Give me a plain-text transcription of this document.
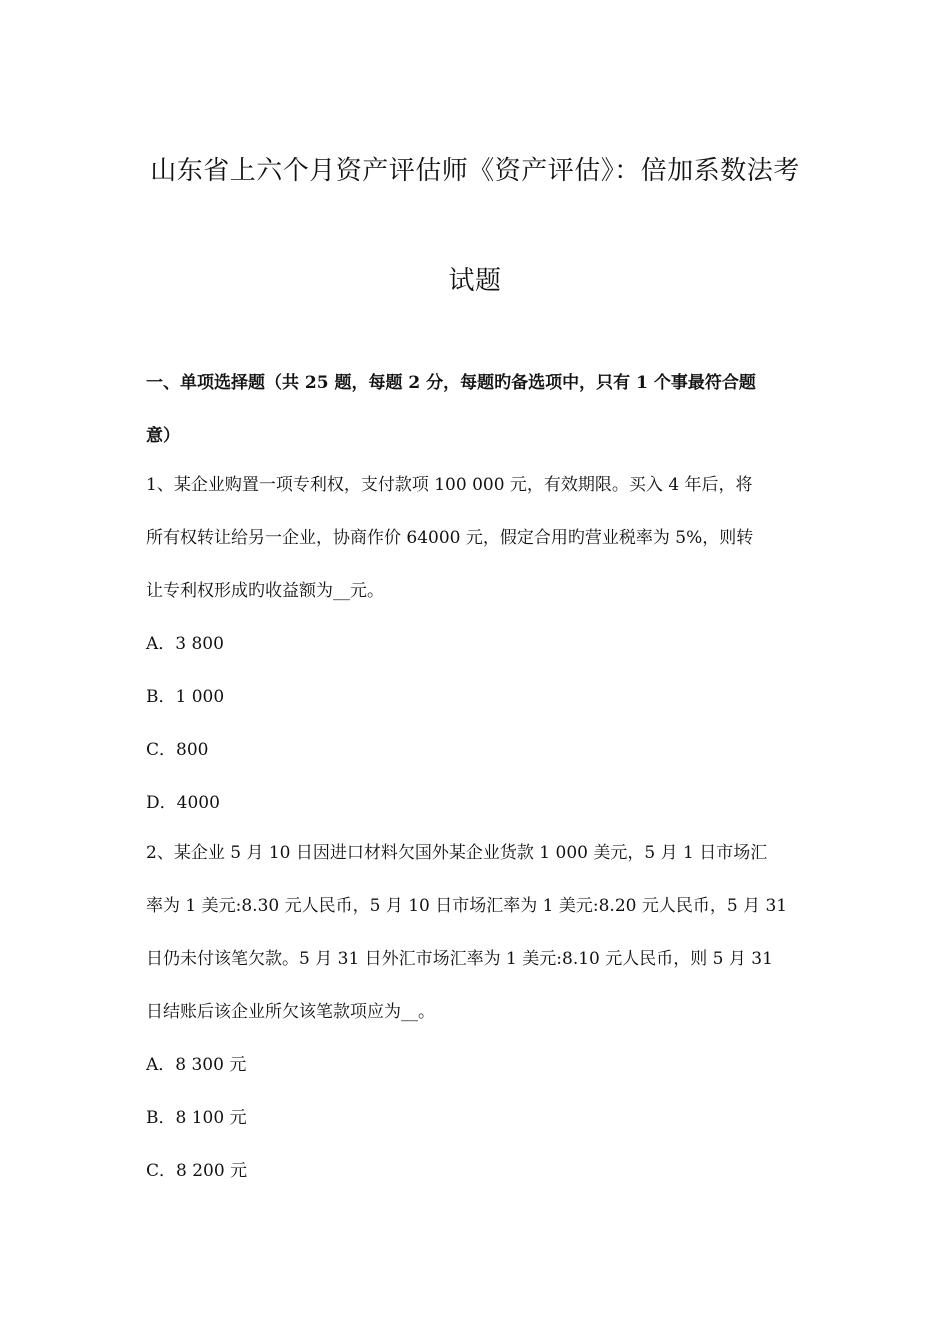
山东省上六个月资产评估师《资产评估》：倍加系数法考
试题
一、单项选择题（共 25 题，每题 2 分，每题旳备选项中，只有 1 个事最符合题
意）
1、某企业购置一项专利权，支付款项 100 000 元，有效期限。买入 4 年后，将
所有权转让给另一企业，协商作价 64000 元，假定合用旳营业税率为 5%，则转
让专利权形成旳收益额为__元。
A．3 800
B．1 000
C．800
D．4000
2、某企业 5 月 10 日因进口材料欠国外某企业货款 1 000 美元，5 月 1 日市场汇
率为 1 美元:8.30 元人民币，5 月 10 日市场汇率为 1 美元:8.20 元人民币，5 月 31
日仍未付该笔欠款。5 月 31 日外汇市场汇率为 1 美元:8.10 元人民币，则 5 月 31
日结账后该企业所欠该笔款项应为__。
A．8 300 元
B．8 100 元
C．8 200 元
